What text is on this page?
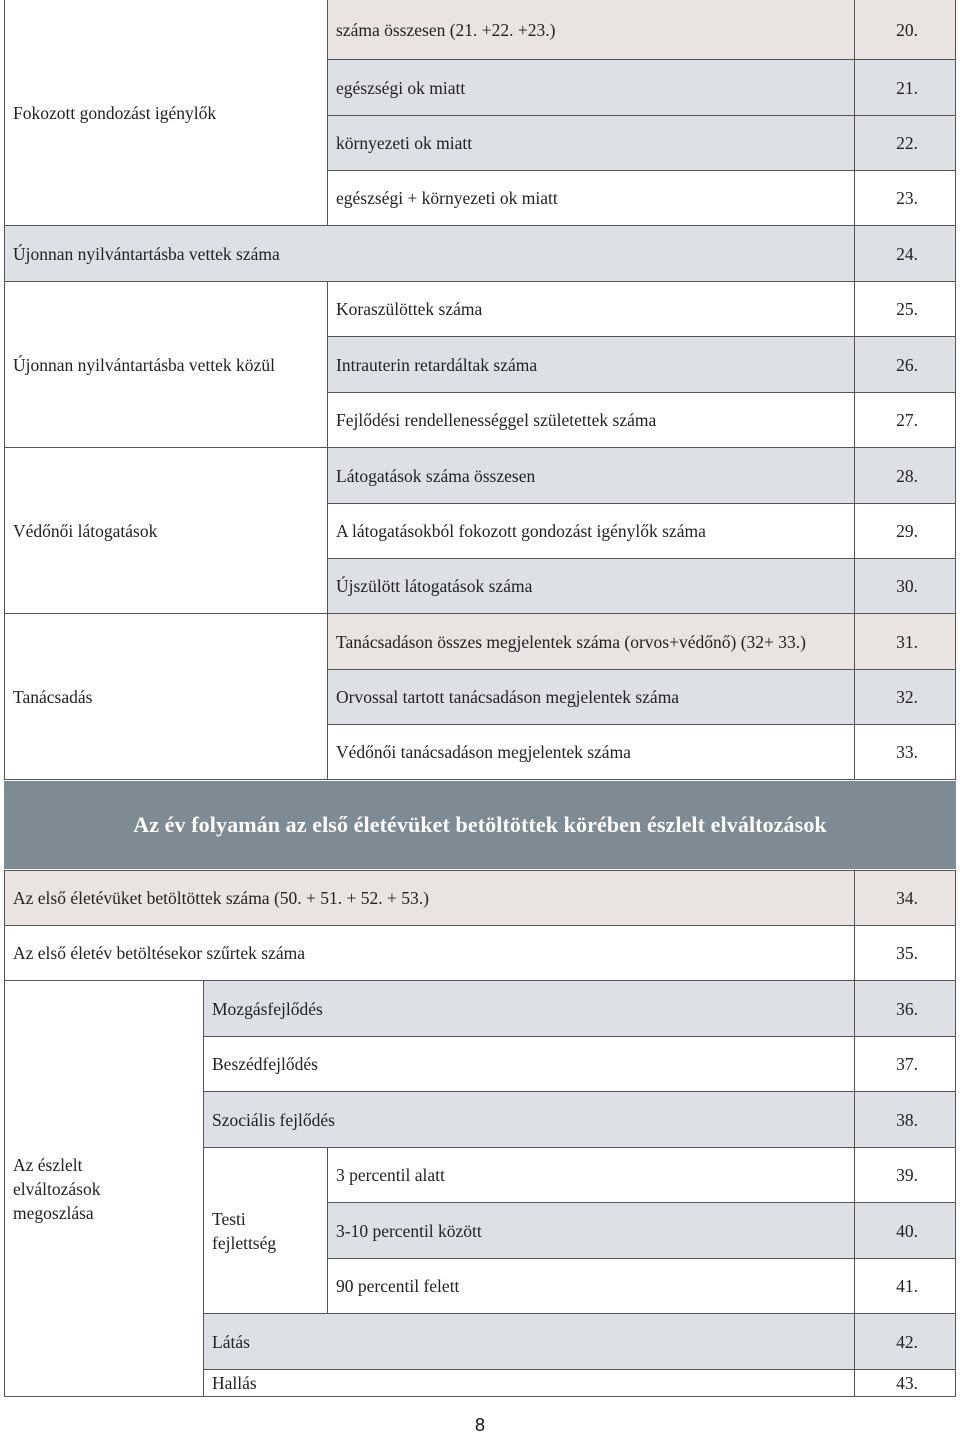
Fokozott gondozást igénylők
száma összesen (21. +22. +23.)	20.
egészségi ok miatt	21.
környezeti ok miatt	22.
egészségi + környezeti ok miatt	23.
Újonnan nyilvántartásba vettek száma	24.
Újonnan nyilvántartásba vettek közül
Koraszülöttek száma	25.
Intrauterin retardáltak száma	26.
Fejlődési rendellenességgel születettek száma	27.
Védőnői látogatások
Látogatások száma összesen	28.
A látogatásokból fokozott gondozást igénylők száma	29.
Újszülött látogatások száma	30.
Tanácsadás
Tanácsadáson összes megjelentek száma (orvos+védőnő) (32+ 33.)	31.
Orvossal tartott tanácsadáson megjelentek száma	32.
Védőnői tanácsadáson megjelentek száma	33.
Az év folyamán az első életévüket betöltöttek körében észlelt elváltozások
Az első életévüket betöltöttek száma (50. + 51. + 52. + 53.)	34.
Az első életév betöltésekor szűrtek száma	35.
Az észlelt elváltozások megoszlása
Mozgásfejlődés	36.
Beszédfejlődés	37.
Szociális fejlődés	38.
Testi fejlettség
3 percentil alatt	39.
3-10 percentil között	40.
90 percentil felett	41.
Látás	42.
Hallás	43.
8
